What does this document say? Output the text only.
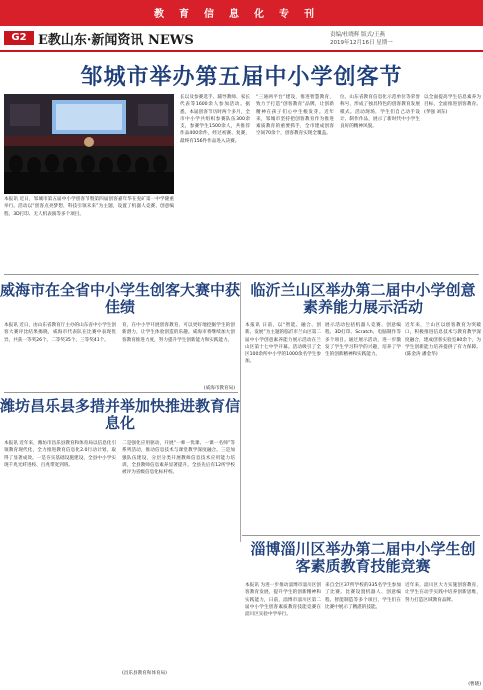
教育信息化专刊
G2 E教山东·新闻资讯 NEWS	责编/杜晓辉 版式/王燕
2019年12月16日 星期一
邹城市举办第五届中小学创客节
本报讯 近日，邹城市第五届中小学创客节暨第四届创客嘉年华在兖矿第一中学隆重举行。活动以“创客点亮梦想，科技引领未来”为主题，设置了机器人竞赛、创意编程、3D打印、无人机表演等多个项目。
长以及参赛选手、辅导教师、家长代表等1600余人参加活动。据悉，本届创客节历时两个多月，全市中小学共组织参赛队伍300余支，参赛学生1500余人，共推荐作品400余件，经过初赛、复赛，最终有156件作品进入决赛。
“三通两平台”建设，推进智慧教育，致力于打造“创客教育”品牌，让创新精神在孩子们心中生根发芽。近年来，邹城市坚持把创客教育作为推进素质教育的重要抓手，全市建成创客空间70余个，创客教育实现全覆盖。
位，山东省教育信息化示范单位等荣誉称号，形成了独具特色的创客教育发展模式。活动现场，学生们自己动手设计、制作作品，展示了新时代中小学生良好的精神风貌。
以全面提高学生信息素养为目标，全面推进创客教育。(孝强 刘东)
威海市在全省中小学生创客大赛中获佳绩
本报讯 近日，由山东省教育厅主办的山东省中小学生创客大赛评比结果揭晓，威海市代表队在比赛中表现优异，共获一等奖26个、二等奖35个、三等奖41个。
育，在中小学开展创客教育，可以更好地挖掘学生的创新潜力，让学生体验创造的乐趣。威海市将继续加大创客教育推进力度，努力提升学生创新能力和实践能力。
(威海市教育局)
临沂兰山区举办第二届中小学创意素养能力展示活动
本报讯 日前，以“智能、融合、创新、发展”为主题的临沂市兰山区第二届中小学创意素养能力展示活动在兰山区第十七中学开幕。活动吸引了全区100余所中小学的1000余名学生参加。
展示活动包括机器人竞赛、创意编程、3D打印、Scratch、电脑制作等多个项目。通过展示活动，进一步激发了学生学习科学的兴趣，培养了学生的创新精神和实践能力。
近年来，兰山区以创客教育为突破口，积极推进信息技术与教育教学深度融合，建成创客实验室80余个，为学生创新能力培养提供了有力保障。(陈金涛 潘金华)
潍坊昌乐县多措并举加快推进教育信息化
本报讯 近年来，潍坊市昌乐县教育和体育局以信息化引领教育现代化，全力推进教育信息化2.0行动计划，取得了显著成效。一是夯实基础设施建设，全县中小学实现千兆光纤进校、百兆带宽到班。
二是强化应用驱动，开展“一师一优课、一课一名师”等系列活动，推动信息技术与课堂教学深度融合。三是加强队伍建设，分层分类开展教师信息技术应用能力培训，全县教师信息素养显著提升。全县先后有12所学校被评为省级信息化标杆校。
(昌乐县教育和体育局)
淄博淄川区举办第二届中小学生创客素质教育技能竞赛
本报讯 为进一步推动淄博市淄川区创客教育发展，提升学生的创新精神和实践能力，日前，淄博市淄川区第二届中小学生创客素质教育技能竞赛在淄川区实验中学举行。
来自全区37所学校的335名学生参加了比赛。比赛设置机器人、创意编程、智能制造等多个项目，学生们在比赛中展示了精湛的技能。
近年来，淄川区大力实施创客教育，让学生在动手实践中培养创新思维，努力打造区域教育品牌。
(曹晓)
